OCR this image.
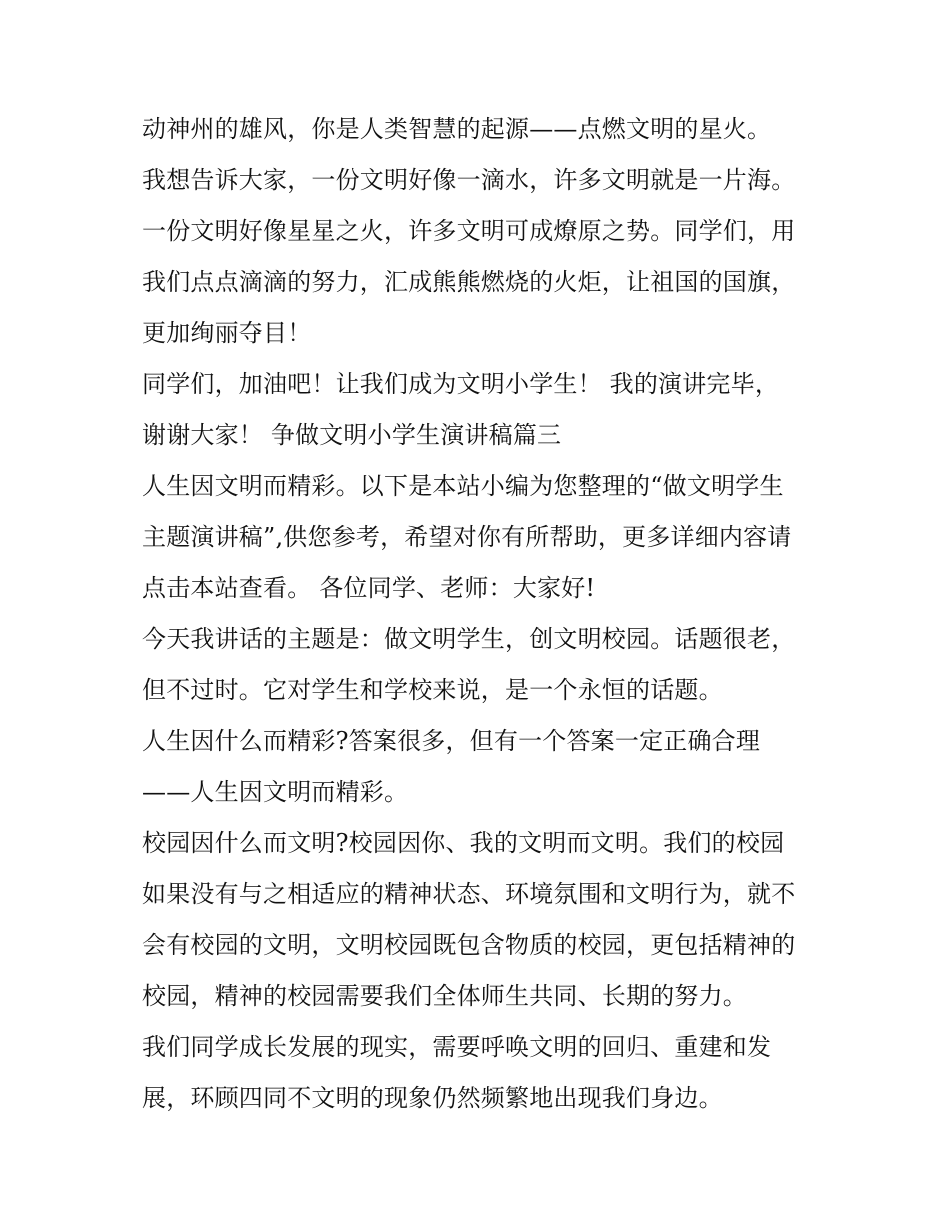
动神州的雄风，你是人类智慧的起源——点燃文明的星火。
我想告诉大家，一份文明好像一滴水，许多文明就是一片海。
一份文明好像星星之火，许多文明可成燎原之势。同学们，用
我们点点滴滴的努力，汇成熊熊燃烧的火炬，让祖国的国旗，
更加绚丽夺目！
同学们，加油吧！让我们成为文明小学生！ 我的演讲完毕，
谢谢大家！ 争做文明小学生演讲稿篇三
人生因文明而精彩。以下是本站小编为您整理的“做文明学生
主题演讲稿”,供您参考，希望对你有所帮助，更多详细内容请
点击本站查看。 各位同学、老师：大家好!
今天我讲话的主题是：做文明学生，创文明校园。话题很老，
但不过时。它对学生和学校来说，是一个永恒的话题。
人生因什么而精彩?答案很多，但有一个答案一定正确合理
——人生因文明而精彩。
校园因什么而文明?校园因你、我的文明而文明。我们的校园
如果没有与之相适应的精神状态、环境氛围和文明行为，就不
会有校园的文明，文明校园既包含物质的校园，更包括精神的
校园，精神的校园需要我们全体师生共同、长期的努力。
我们同学成长发展的现实，需要呼唤文明的回归、重建和发
展，环顾四同不文明的现象仍然频繁地出现我们身边。
